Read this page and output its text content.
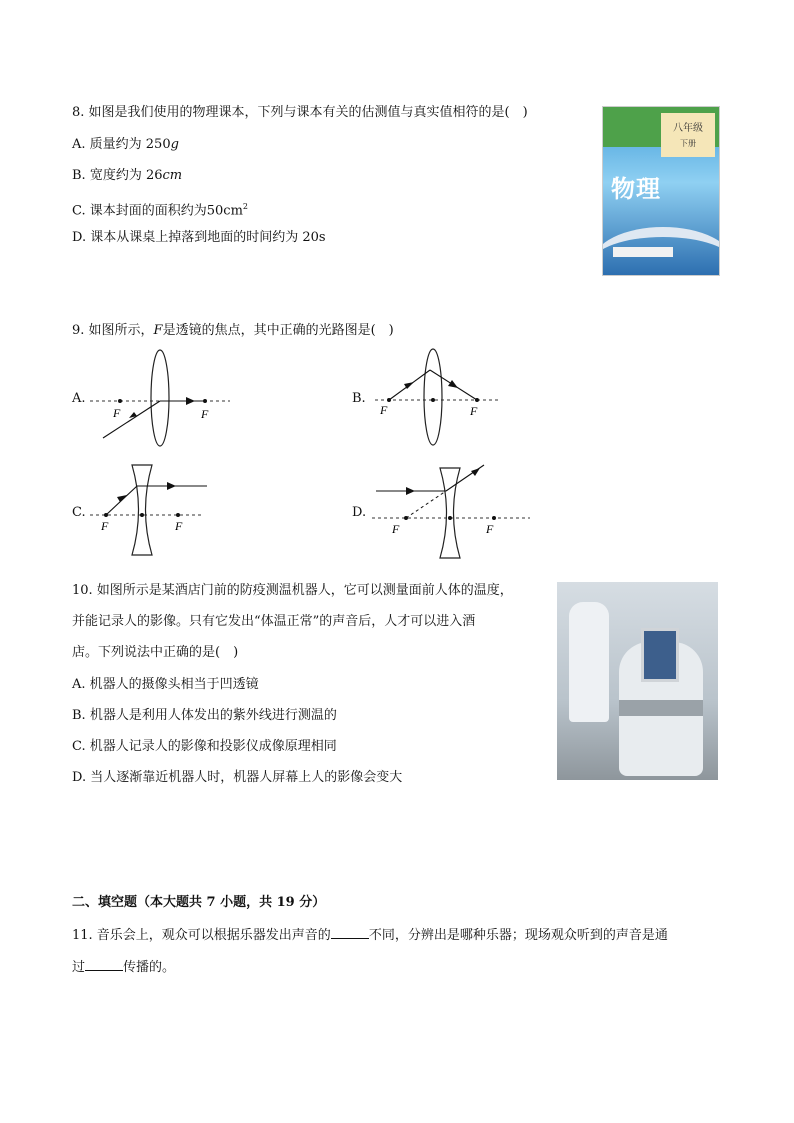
8. 如图是我们使用的物理课本，下列与课本有关的估测值与真实值相符的是(　)
A. 质量约为 250g
B. 宽度约为 26cm
C. 课本封面的面积约为$50cm^2$
D. 课本从课桌上掉落到地面的时间约为 20s
八年级
下册
物理
9. 如图所示，F是透镜的焦点，其中正确的光路图是(　)
A.	B.
C.	D.
F	F	F	F
F	F	F	F
10. 如图所示是某酒店门前的防疫测温机器人，它可以测量面前人体的温度，
并能记录人的影像。只有它发出“体温正常”的声音后，人才可以进入酒
店。下列说法中正确的是(　)
A. 机器人的摄像头相当于凹透镜
B. 机器人是利用人体发出的紫外线进行测温的
C. 机器人记录人的影像和投影仪成像原理相同
D. 当人逐渐靠近机器人时，机器人屏幕上人的影像会变大
二、填空题（本大题共 7 小题，共 19 分）
11. 音乐会上，观众可以根据乐器发出声音的	不同，分辨出是哪种乐器；现场观众听到的声音是通
过	传播的。
